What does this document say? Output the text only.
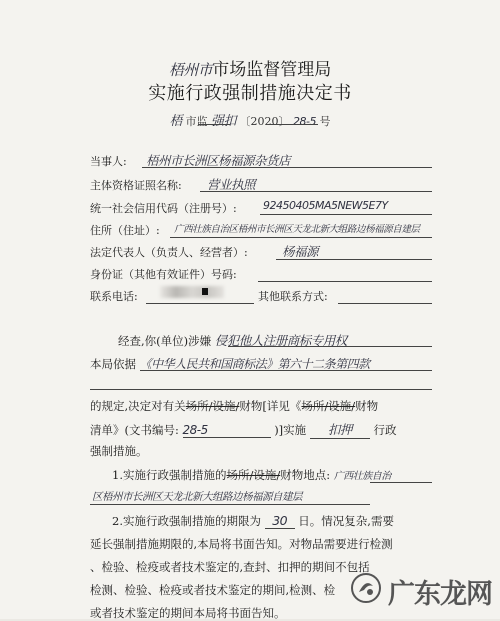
梧州市市场监督管理局
实施行政强制措施决定书
梧 市监 强扣 〔2020〕 28-5 号
当事人: 梧州市长洲区杨福源杂货店
主体资格证照名称: 营业执照
统一社会信用代码（注册号）: 92450405MA5NEW5E7Y
住所（住址）: 广西壮族自治区梧州市长洲区天龙北新大组路边杨福源自建层
法定代表人（负责人、经营者）:	杨福源
身份证（其他有效证件）号码:
联系电话:	其他联系方式:
经查,你(单位)涉嫌 侵犯他人注册商标专用权
本局依据 《中华人民共和国商标法》第六十二条第四款
的规定,决定对有关场所/设施/财物[详见《场所/设施/财物
清单》(文书编号: 28-5	)]实施 扣押 行政
强制措施。
1.实施行政强制措施的场所/设施/财物地点: 广西壮族自治
区梧州市长洲区天龙北新大组路边杨福源自建层
2.实施行政强制措施的期限为 30 日。情况复杂,需要
延长强制措施期限的,本局将书面告知。对物品需要进行检测
、检验、检疫或者技术鉴定的,查封、扣押的期间不包括
检测、检验、检疫或者技术鉴定的期间,检测、检
或者技术鉴定的期间本局将书面告知。
广东龙网
